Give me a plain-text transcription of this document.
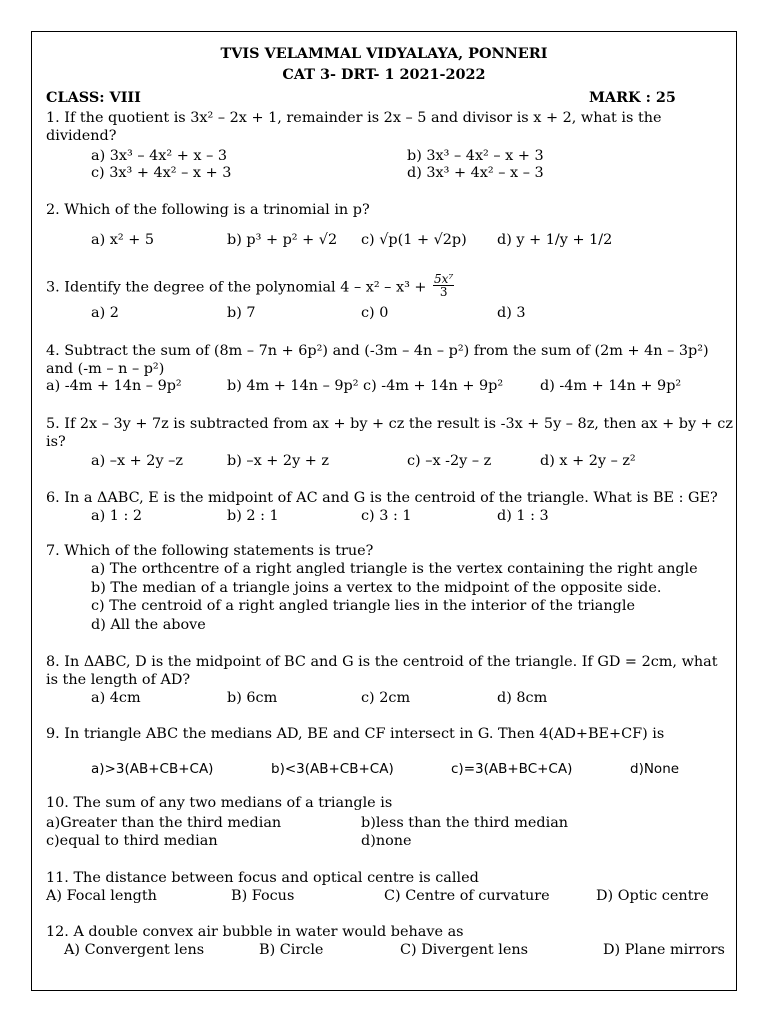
TVIS VELAMMAL VIDYALAYA, PONNERI
CAT 3- DRT- 1 2021-2022
CLASS: VIII	MARK : 25
1. If the quotient is 3x² – 2x + 1, remainder is 2x – 5 and divisor is x + 2, what is the
dividend?
a) 3x³ – 4x² + x – 3	b) 3x³ – 4x² – x + 3
c) 3x³ + 4x² – x + 3	d) 3x³ + 4x² – x – 3
2. Which of the following is a trinomial in p?
a) x² + 5	b) p³ + p² + √2 c) √p(1 + √2p) d) y + 1/y + 1/2
3. Identify the degree of the polynomial $4 - x^2 - x^3 + \frac{\text{5x⁷}}{3}$
a) 2	b) 7	c) 0	d) 3
4. Subtract the sum of (8m – 7n + 6p²) and (-3m – 4n – p²) from the sum of (2m + 4n – 3p²)
and (-m – n – p²)
a) -4m + 14n – 9p²	b) 4m + 14n – 9p² c) -4m + 14n + 9p²	d) -4m + 14n + 9p²
5. If 2x – 3y + 7z is subtracted from ax + by + cz the result is -3x + 5y – 8z, then ax + by + cz
is?
a) –x + 2y –z	b) –x + 2y + z	c) –x -2y – z	d) x + 2y – z²
6. In a ΔABC, E is the midpoint of AC and G is the centroid of the triangle. What is BE : GE?
a) 1 : 2	b) 2 : 1	c) 3 : 1	d) 1 : 3
7. Which of the following statements is true?
a) The orthcentre of a right angled triangle is the vertex containing the right angle
b) The median of a triangle joins a vertex to the midpoint of the opposite side.
c) The centroid of a right angled triangle lies in the interior of the triangle
d) All the above
8. In ΔABC, D is the midpoint of BC and G is the centroid of the triangle. If GD = 2cm, what
is the length of AD?
a) 4cm	b) 6cm	c) 2cm	d) 8cm
9. In triangle ABC the medians AD, BE and CF intersect in G. Then 4(AD+BE+CF) is
a)>3(AB+CB+CA)	b)<3(AB+CB+CA)	c)=3(AB+BC+CA)	d)None
10. The sum of any two medians of a triangle is
a)Greater than the third median	b)less than the third median
c)equal to third median	d)none
11. The distance between focus and optical centre is called
A) Focal length	B) Focus	C) Centre of curvature	D) Optic centre
12. A double convex air bubble in water would behave as
A) Convergent lens	B) Circle	C) Divergent lens	D) Plane mirrors
